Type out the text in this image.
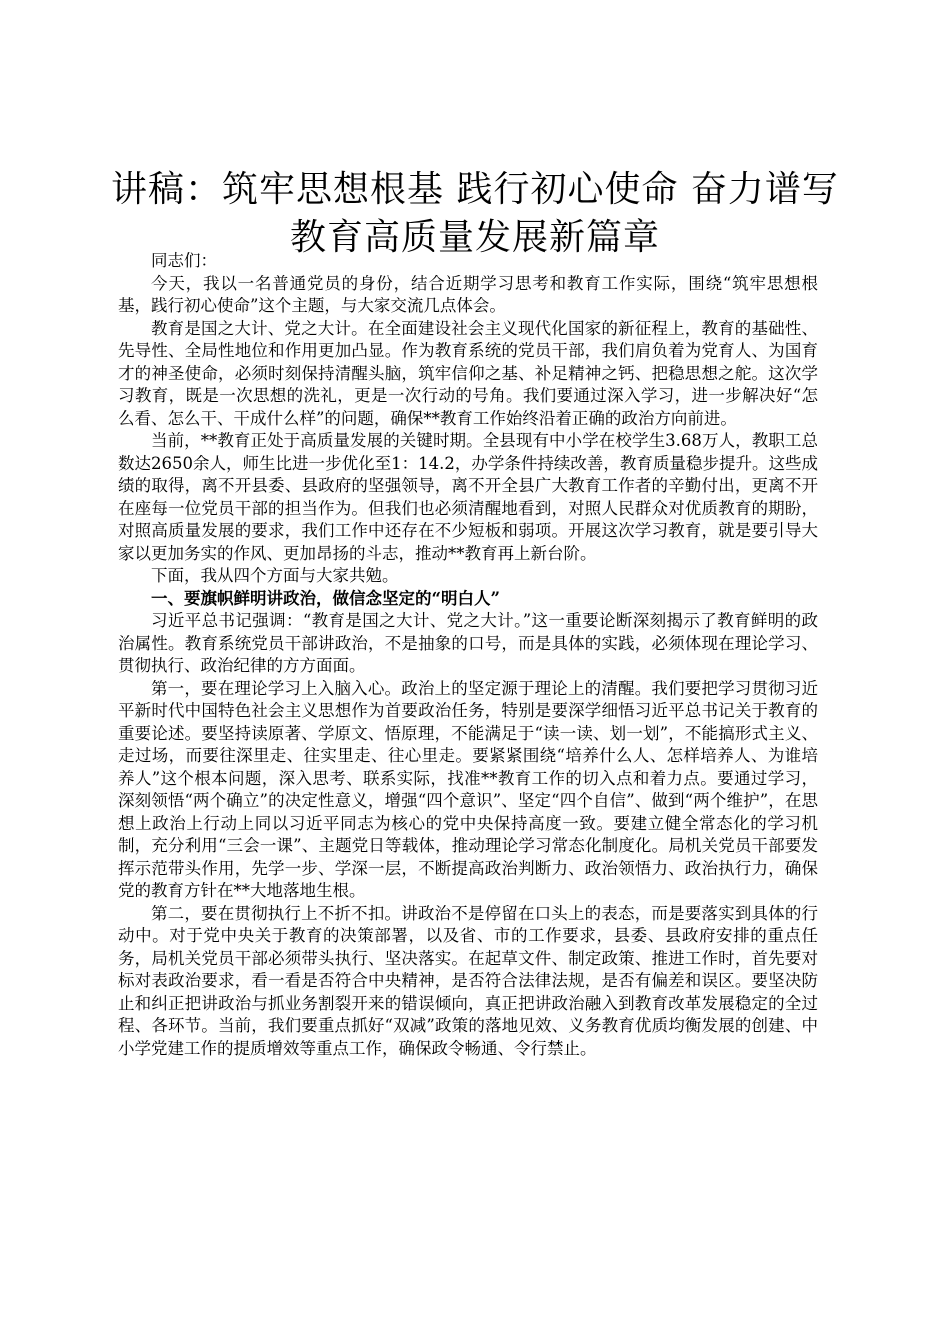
讲稿：筑牢思想根基 践行初心使命 奋力谱写
教育高质量发展新篇章

同志们：

今天，我以一名普通党员的身份，结合近期学习思考和教育工作实际，围绕“筑牢思想根基，践行初心使命”这个主题，与大家交流几点体会。

教育是国之大计、党之大计。在全面建设社会主义现代化国家的新征程上，教育的基础性、先导性、全局性地位和作用更加凸显。作为教育系统的党员干部，我们肩负着为党育人、为国育才的神圣使命，必须时刻保持清醒头脑，筑牢信仰之基、补足精神之钙、把稳思想之舵。这次学习教育，既是一次思想的洗礼，更是一次行动的号角。我们要通过深入学习，进一步解决好“怎么看、怎么干、干成什么样”的问题，确保**教育工作始终沿着正确的政治方向前进。

当前，**教育正处于高质量发展的关键时期。全县现有中小学在校学生3.68万人，教职工总数达2650余人，师生比进一步优化至1：14.2，办学条件持续改善，教育质量稳步提升。这些成绩的取得，离不开县委、县政府的坚强领导，离不开全县广大教育工作者的辛勤付出，更离不开在座每一位党员干部的担当作为。但我们也必须清醒地看到，对照人民群众对优质教育的期盼，对照高质量发展的要求，我们工作中还存在不少短板和弱项。开展这次学习教育，就是要引导大家以更加务实的作风、更加昂扬的斗志，推动**教育再上新台阶。

下面，我从四个方面与大家共勉。

一、要旗帜鲜明讲政治，做信念坚定的“明白人”

习近平总书记强调：“教育是国之大计、党之大计。”这一重要论断深刻揭示了教育鲜明的政治属性。教育系统党员干部讲政治，不是抽象的口号，而是具体的实践，必须体现在理论学习、贯彻执行、政治纪律的方方面面。

第一，要在理论学习上入脑入心。政治上的坚定源于理论上的清醒。我们要把学习贯彻习近平新时代中国特色社会主义思想作为首要政治任务，特别是要深学细悟习近平总书记关于教育的重要论述。要坚持读原著、学原文、悟原理，不能满足于“读一读、划一划”，不能搞形式主义、走过场，而要往深里走、往实里走、往心里走。要紧紧围绕“培养什么人、怎样培养人、为谁培养人”这个根本问题，深入思考、联系实际，找准**教育工作的切入点和着力点。要通过学习，深刻领悟“两个确立”的决定性意义，增强“四个意识”、坚定“四个自信”、做到“两个维护”，在思想上政治上行动上同以习近平同志为核心的党中央保持高度一致。要建立健全常态化的学习机制，充分利用“三会一课”、主题党日等载体，推动理论学习常态化制度化。局机关党员干部要发挥示范带头作用，先学一步、学深一层，不断提高政治判断力、政治领悟力、政治执行力，确保党的教育方针在**大地落地生根。

第二，要在贯彻执行上不折不扣。讲政治不是停留在口头上的表态，而是要落实到具体的行动中。对于党中央关于教育的决策部署，以及省、市的工作要求，县委、县政府安排的重点任务，局机关党员干部必须带头执行、坚决落实。在起草文件、制定政策、推进工作时，首先要对标对表政治要求，看一看是否符合中央精神，是否符合法律法规，是否有偏差和误区。要坚决防止和纠正把讲政治与抓业务割裂开来的错误倾向，真正把讲政治融入到教育改革发展稳定的全过程、各环节。当前，我们要重点抓好“双减”政策的落地见效、义务教育优质均衡发展的创建、中小学党建工作的提质增效等重点工作，确保政令畅通、令行禁止。
